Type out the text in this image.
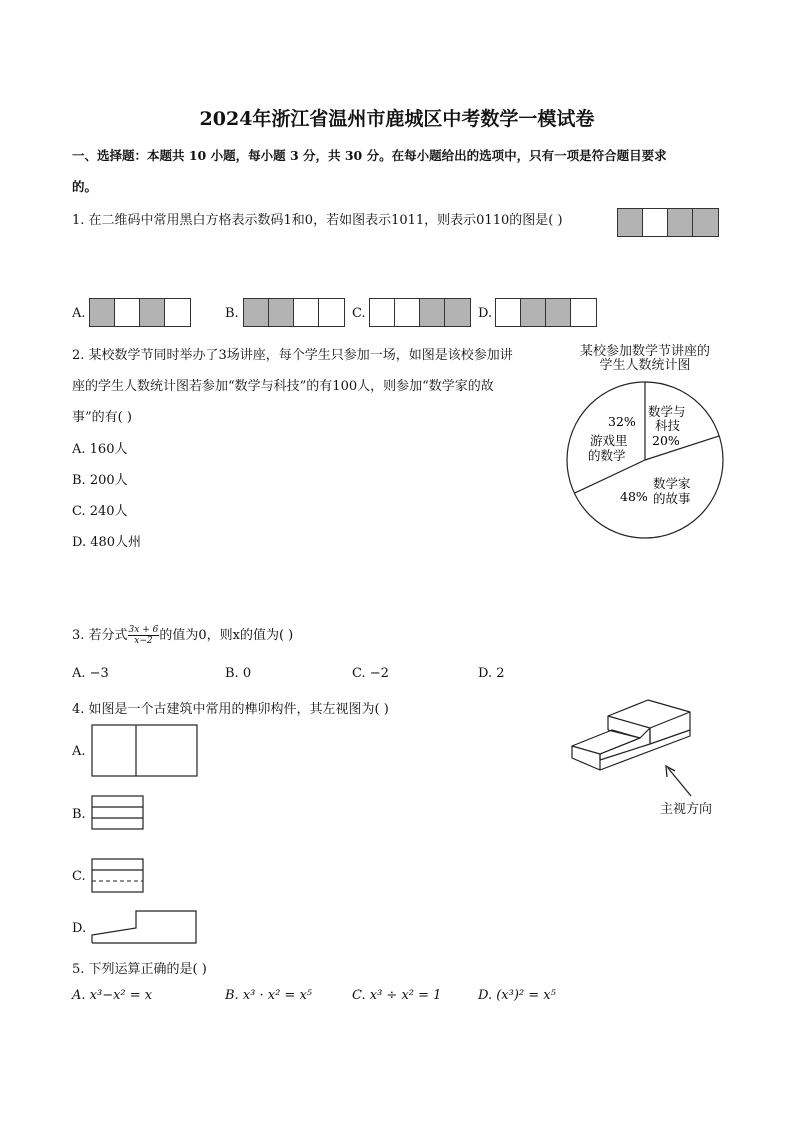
2024年浙江省温州市鹿城区中考数学一模试卷
一、选择题：本题共 10 小题，每小题 3 分，共 30 分。在每小题给出的选项中，只有一项是符合题目要求
的。
1. 在二维码中常用黑白方格表示数码1和0，若如图表示1011，则表示0110的图是( )
A.	B.	C.	D.
2. 某校数学节同时举办了3场讲座，每个学生只参加一场，如图是该校参加讲
座的学生人数统计图若参加“数学与科技”的有100人，则参加“数学家的故
事”的有( )
A. 160人
B. 200人
C. 240人
D. 480人州
某校参加数学节讲座的
学生人数统计图
32%
游戏里
的数学
数学与
科技
20%
数学家
的故事
48%
3. 若分式 $\frac{3x + 6}{x-2}$ 的值为0，则x的值为( )
A. −3	B. 0	C. −2	D. 2
4. 如图是一个古建筑中常用的榫卯构件，其左视图为( )
A.
B.
C.
D.
主视方向
5. 下列运算正确的是( )
A. x³−x² = x	B. x³ · x² = x⁵	C. x³ ÷ x² = 1	D. (x³)² = x⁵
